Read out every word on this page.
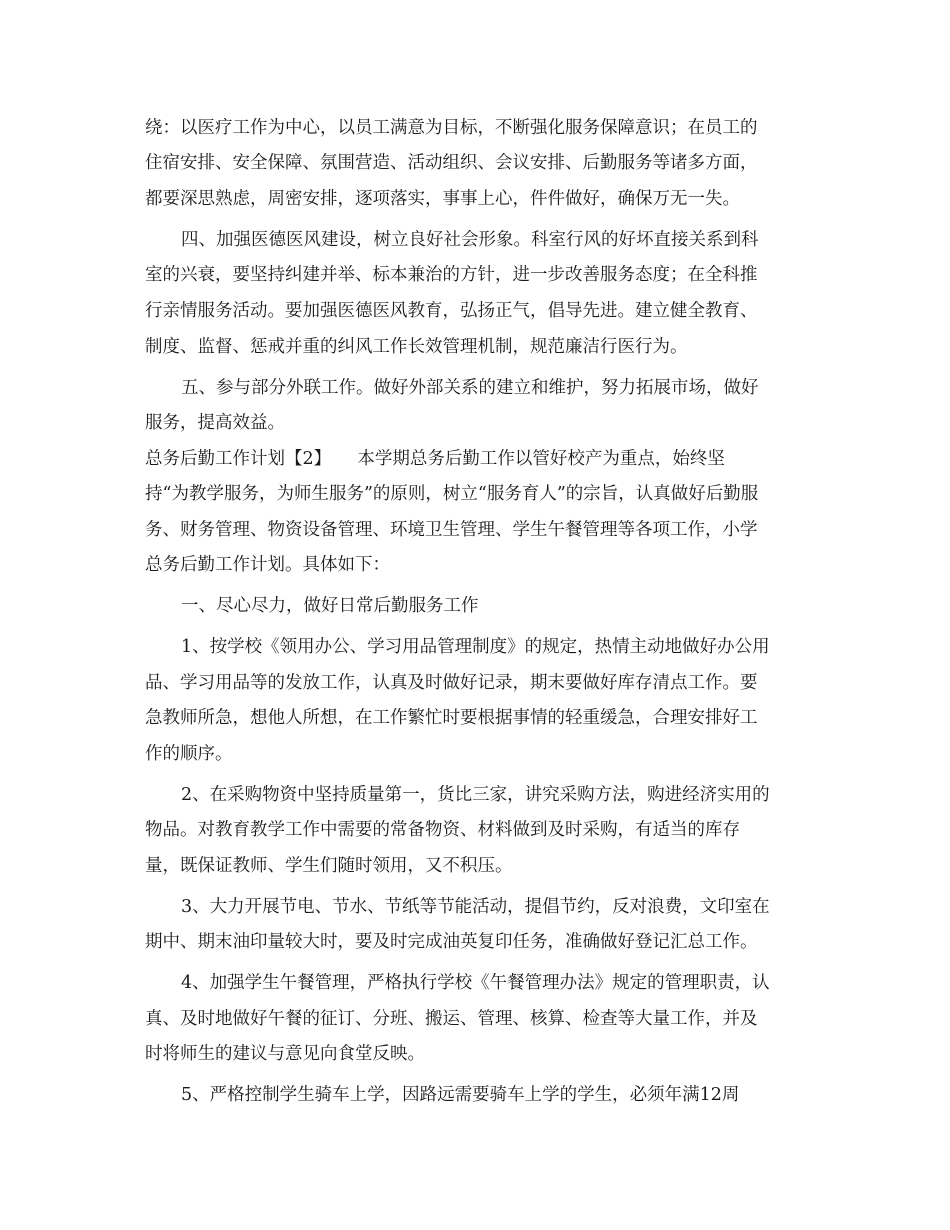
绕：以医疗工作为中心，以员工满意为目标，不断强化服务保障意识；在员工的
住宿安排、安全保障、氛围营造、活动组织、会议安排、后勤服务等诸多方面，
都要深思熟虑，周密安排，逐项落实，事事上心，件件做好，确保万无一失。
四、加强医德医风建设，树立良好社会形象。科室行风的好坏直接关系到科
室的兴衰，要坚持纠建并举、标本兼治的方针，进一步改善服务态度；在全科推
行亲情服务活动。要加强医德医风教育，弘扬正气，倡导先进。建立健全教育、
制度、监督、惩戒并重的纠风工作长效管理机制，规范廉洁行医行为。
五、参与部分外联工作。做好外部关系的建立和维护，努力拓展市场，做好
服务，提高效益。
总务后勤工作计划【2】　　本学期总务后勤工作以管好校产为重点，始终坚
持“为教学服务，为师生服务”的原则，树立“服务育人”的宗旨，认真做好后勤服
务、财务管理、物资设备管理、环境卫生管理、学生午餐管理等各项工作，小学
总务后勤工作计划。具体如下：
一、尽心尽力，做好日常后勤服务工作
1、按学校《领用办公、学习用品管理制度》的规定，热情主动地做好办公用
品、学习用品等的发放工作，认真及时做好记录，期末要做好库存清点工作。要
急教师所急，想他人所想，在工作繁忙时要根据事情的轻重缓急，合理安排好工
作的顺序。
2、在采购物资中坚持质量第一，货比三家，讲究采购方法，购进经济实用的
物品。对教育教学工作中需要的常备物资、材料做到及时采购，有适当的库存
量，既保证教师、学生们随时领用，又不积压。
3、大力开展节电、节水、节纸等节能活动，提倡节约，反对浪费，文印室在
期中、期末油印量较大时，要及时完成油英复印任务，准确做好登记汇总工作。
4、加强学生午餐管理，严格执行学校《午餐管理办法》规定的管理职责，认
真、及时地做好午餐的征订、分班、搬运、管理、核算、检查等大量工作，并及
时将师生的建议与意见向食堂反映。
5、严格控制学生骑车上学，因路远需要骑车上学的学生，必须年满12周
